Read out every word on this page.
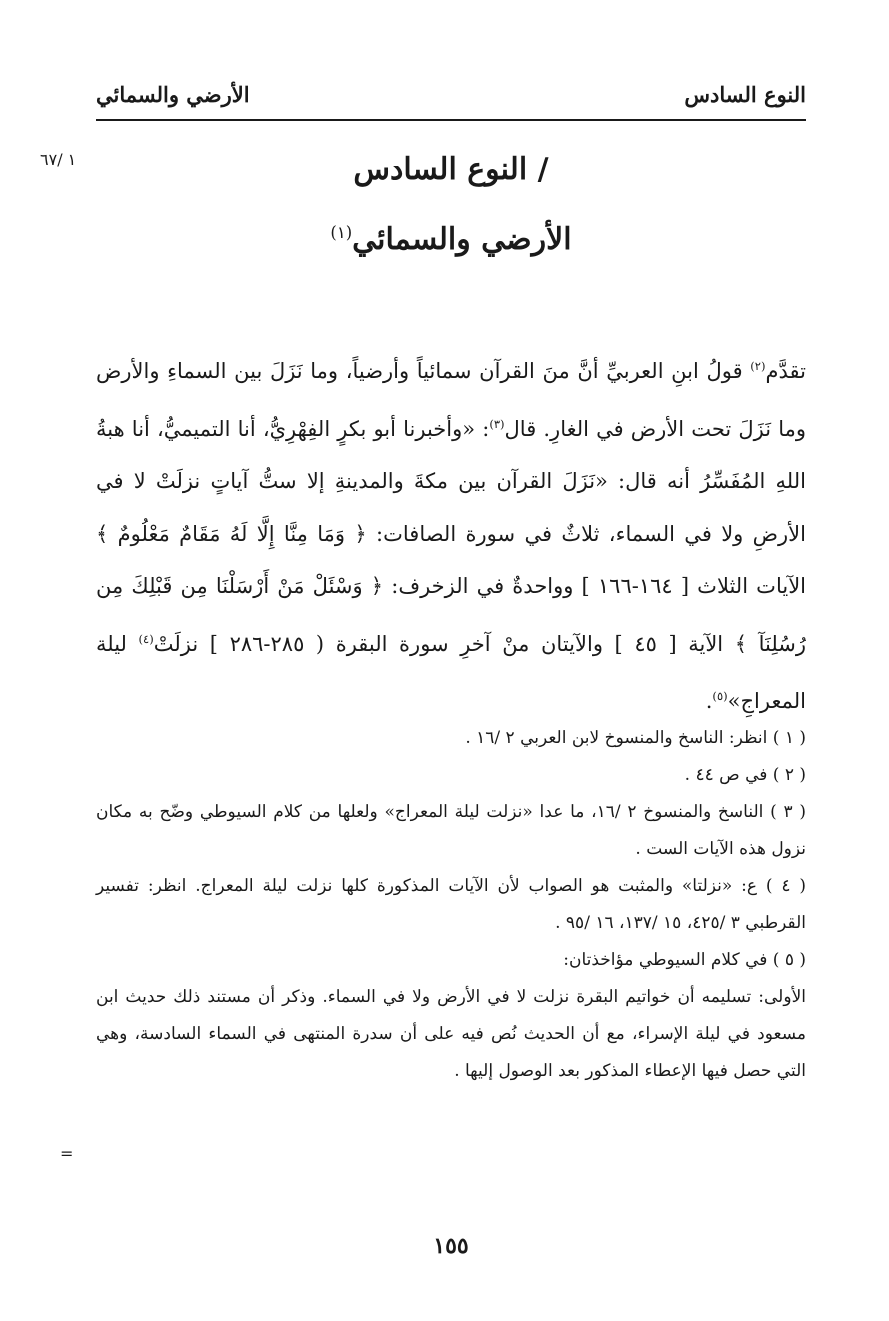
النوع السادس
الأرضي والسمائي
١ /٦٧
=
/ النوع السادس
الأرضي والسمائي$^{(١)}$
تقدَّم$^{(٢)}$ قولُ ابنِ العربيِّ أنَّ منَ القرآن سمائياً وأرضياً، وما نَزَلَ بين السماءِ والأرض وما نَزَلَ تحت الأرض في الغارِ. قال$^{(٣)}$: «وأخبرنا أبو بكرٍ الفِهْرِيُّ، أنا التميميُّ، أنا هبةُ اللهِ المُفَسِّرُ أنه قال: «نَزَلَ القرآن بين مكةَ والمدينةِ إلا ستُّ آياتٍ نزلَتْ لا في الأرضِ ولا في السماء، ثلاثٌ في سورة الصافات: ﴿ وَمَا مِنَّا إِلَّا لَهُ مَقَامٌ مَعْلُومٌ ﴾ الآيات الثلاث [ ١٦٤-١٦٦ ] وواحدةٌ في الزخرف: ﴿ وَسْئَلْ مَنْ أَرْسَلْنَا مِن قَبْلِكَ مِن رُسُلِنَآ ﴾ الآية [ ٤٥ ] والآيتان منْ آخرِ سورة البقرة ( ٢٨٥-٢٨٦ ] نزلَتْ$^{(٤)}$ ليلة المعراجِ»$^{(٥)}$.

( ١ ) انظر: الناسخ والمنسوخ لابن العربي ٢ /١٦ .

( ٢ ) في ص ٤٤ .

( ٣ ) الناسخ والمنسوخ ٢ /١٦، ما عدا «نزلت ليلة المعراج» ولعلها من كلام السيوطي وضّح به مكان نزول هذه الآيات الست .

( ٤ ) ع: «نزلتا» والمثبت هو الصواب لأن الآيات المذكورة كلها نزلت ليلة المعراج. انظر: تفسير القرطبي ٣ /٤٢٥، ١٥ /١٣٧، ١٦ /٩٥ .

( ٥ ) في كلام السيوطي مؤاخذتان:

الأولى: تسليمه أن خواتيم البقرة نزلت لا في الأرض ولا في السماء. وذكر أن مستند ذلك حديث ابن مسعود في ليلة الإسراء، مع أن الحديث نُص فيه على أن سدرة المنتهى في السماء السادسة، وهي التي حصل فيها الإعطاء المذكور بعد الوصول إليها .

١٥٥
